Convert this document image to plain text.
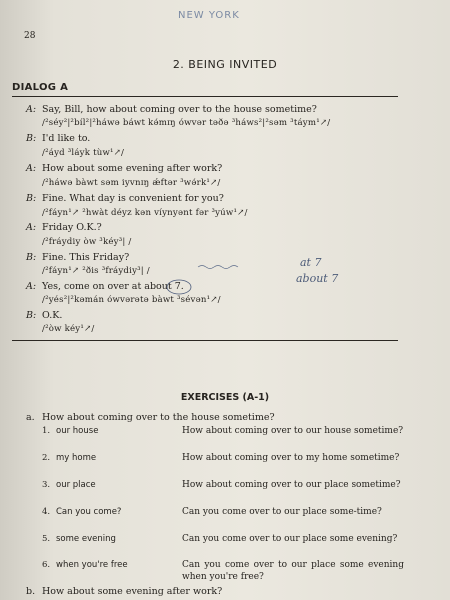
NEW YORK
28
2. BEING INVITED
DIALOG A
A: Say, Bill, how about coming over to the house sometime?
/²séy²|²bíl²|²háwə báwt kə́mɪŋ ówvər təðə ³háws²|²səm ³táym¹↗/
B: I'd like to.
/²áyd ³láyk tùw¹↗/
A: How about some evening after work?
/²háwə bàwt səm iyvnɪŋ ǽftər ³wə́rk¹↗/
B: Fine. What day is convenient for you?
/²fáyn¹↗ ²hwàt déyz kən víynyənt fər ³yúw¹↗/
A: Friday O.K.?
/²fráydiy òw ³kéy³| /
B: Fine. This Friday?
/²fáyn¹↗ ²ðis ³fráydiy³| /
A: Yes, come on over at about 7.
/²yés²|²kəmán ówvərətə bàwt ³sévən¹↗/
B: O.K.
/²òw kéy¹↗/
at 7
about 7
EXERCISES (A-1)
a. How about coming over to the house sometime?
1. our house	How about coming over to our house sometime?
2. my home	How about coming over to my home sometime?
3. our place	How about coming over to our place sometime?
4. Can you come?	Can you come over to our place some-time?
5. some evening	Can you come over to our place some evening?
6. when you're free	Can you come over to our place some evening when you're free?
b. How about some evening after work?
